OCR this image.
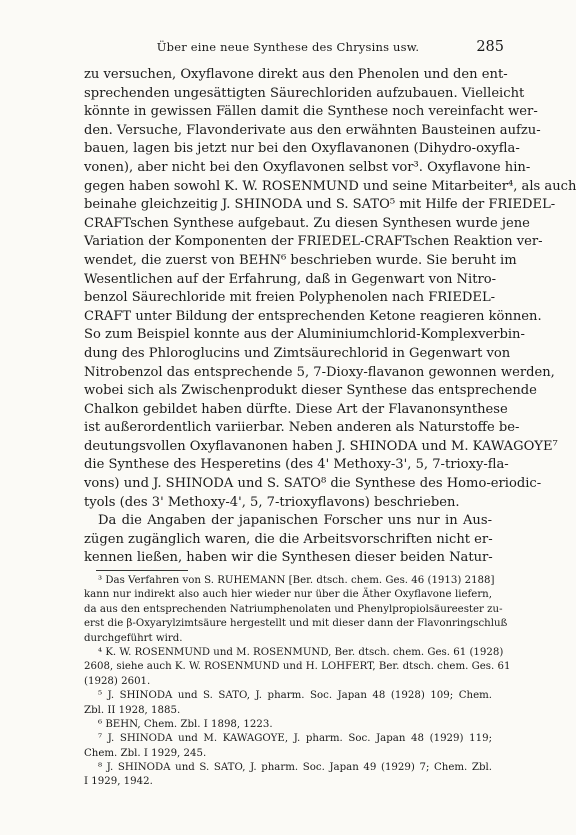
Über eine neue Synthese des Chrysins usw.	285
zu versuchen, Oxyflavone direkt aus den Phenolen und den ent-
sprechenden ungesättigten Säurechloriden aufzubauen. Vielleicht
könnte in gewissen Fällen damit die Synthese noch vereinfacht wer-
den. Versuche, Flavonderivate aus den erwähnten Bausteinen aufzu-
bauen, lagen bis jetzt nur bei den Oxyflavanonen (Dihydro-oxyfla-
vonen), aber nicht bei den Oxyflavonen selbst vor³. Oxyflavone hin-
gegen haben sowohl K. W. ROSENMUND und seine Mitarbeiter⁴, als auch
beinahe gleichzeitig J. SHINODA und S. SATO⁵ mit Hilfe der FRIEDEL-
CRAFTschen Synthese aufgebaut. Zu diesen Synthesen wurde jene
Variation der Komponenten der FRIEDEL-CRAFTschen Reaktion ver-
wendet, die zuerst von BEHN⁶ beschrieben wurde. Sie beruht im
Wesentlichen auf der Erfahrung, daß in Gegenwart von Nitro-
benzol Säurechloride mit freien Polyphenolen nach FRIEDEL-
CRAFT unter Bildung der entsprechenden Ketone reagieren können.
So zum Beispiel konnte aus der Aluminiumchlorid-Komplexverbin-
dung des Phloroglucins und Zimtsäurechlorid in Gegenwart von
Nitrobenzol das entsprechende 5, 7-Dioxy-flavanon gewonnen werden,
wobei sich als Zwischenprodukt dieser Synthese das entsprechende
Chalkon gebildet haben dürfte. Diese Art der Flavanonsynthese
ist außerordentlich variierbar. Neben anderen als Naturstoffe be-
deutungsvollen Oxyflavanonen haben J. SHINODA und M. KAWAGOYE⁷
die Synthese des Hesperetins (des 4' Methoxy-3', 5, 7-trioxy-fla-
vons) und J. SHINODA und S. SATO⁸ die Synthese des Homo-eriodic-
tyols (des 3' Methoxy-4', 5, 7-trioxyflavons) beschrieben.
Da die Angaben der japanischen Forscher uns nur in Aus-
zügen zugänglich waren, die die Arbeitsvorschriften nicht er-
kennen ließen, haben wir die Synthesen dieser beiden Natur-
³ Das Verfahren von S. RUHEMANN [Ber. dtsch. chem. Ges. 46 (1913) 2188]
kann nur indirekt also auch hier wieder nur über die Äther Oxyflavone liefern,
da aus den entsprechenden Natriumphenolaten und Phenylpropiolsäureester zu-
erst die β-Oxyarylzimtsäure hergestellt und mit dieser dann der Flavonringschluß
durchgeführt wird.
⁴ K. W. ROSENMUND und M. ROSENMUND, Ber. dtsch. chem. Ges. 61 (1928)
2608, siehe auch K. W. ROSENMUND und H. LOHFERT, Ber. dtsch. chem. Ges. 61
(1928) 2601.
⁵ J. SHINODA und S. SATO, J. pharm. Soc. Japan 48 (1928) 109; Chem.
Zbl. II 1928, 1885.
⁶ BEHN, Chem. Zbl. I 1898, 1223.
⁷ J. SHINODA und M. KAWAGOYE, J. pharm. Soc. Japan 48 (1929) 119;
Chem. Zbl. I 1929, 245.
⁸ J. SHINODA und S. SATO, J. pharm. Soc. Japan 49 (1929) 7; Chem. Zbl.
I 1929, 1942.
